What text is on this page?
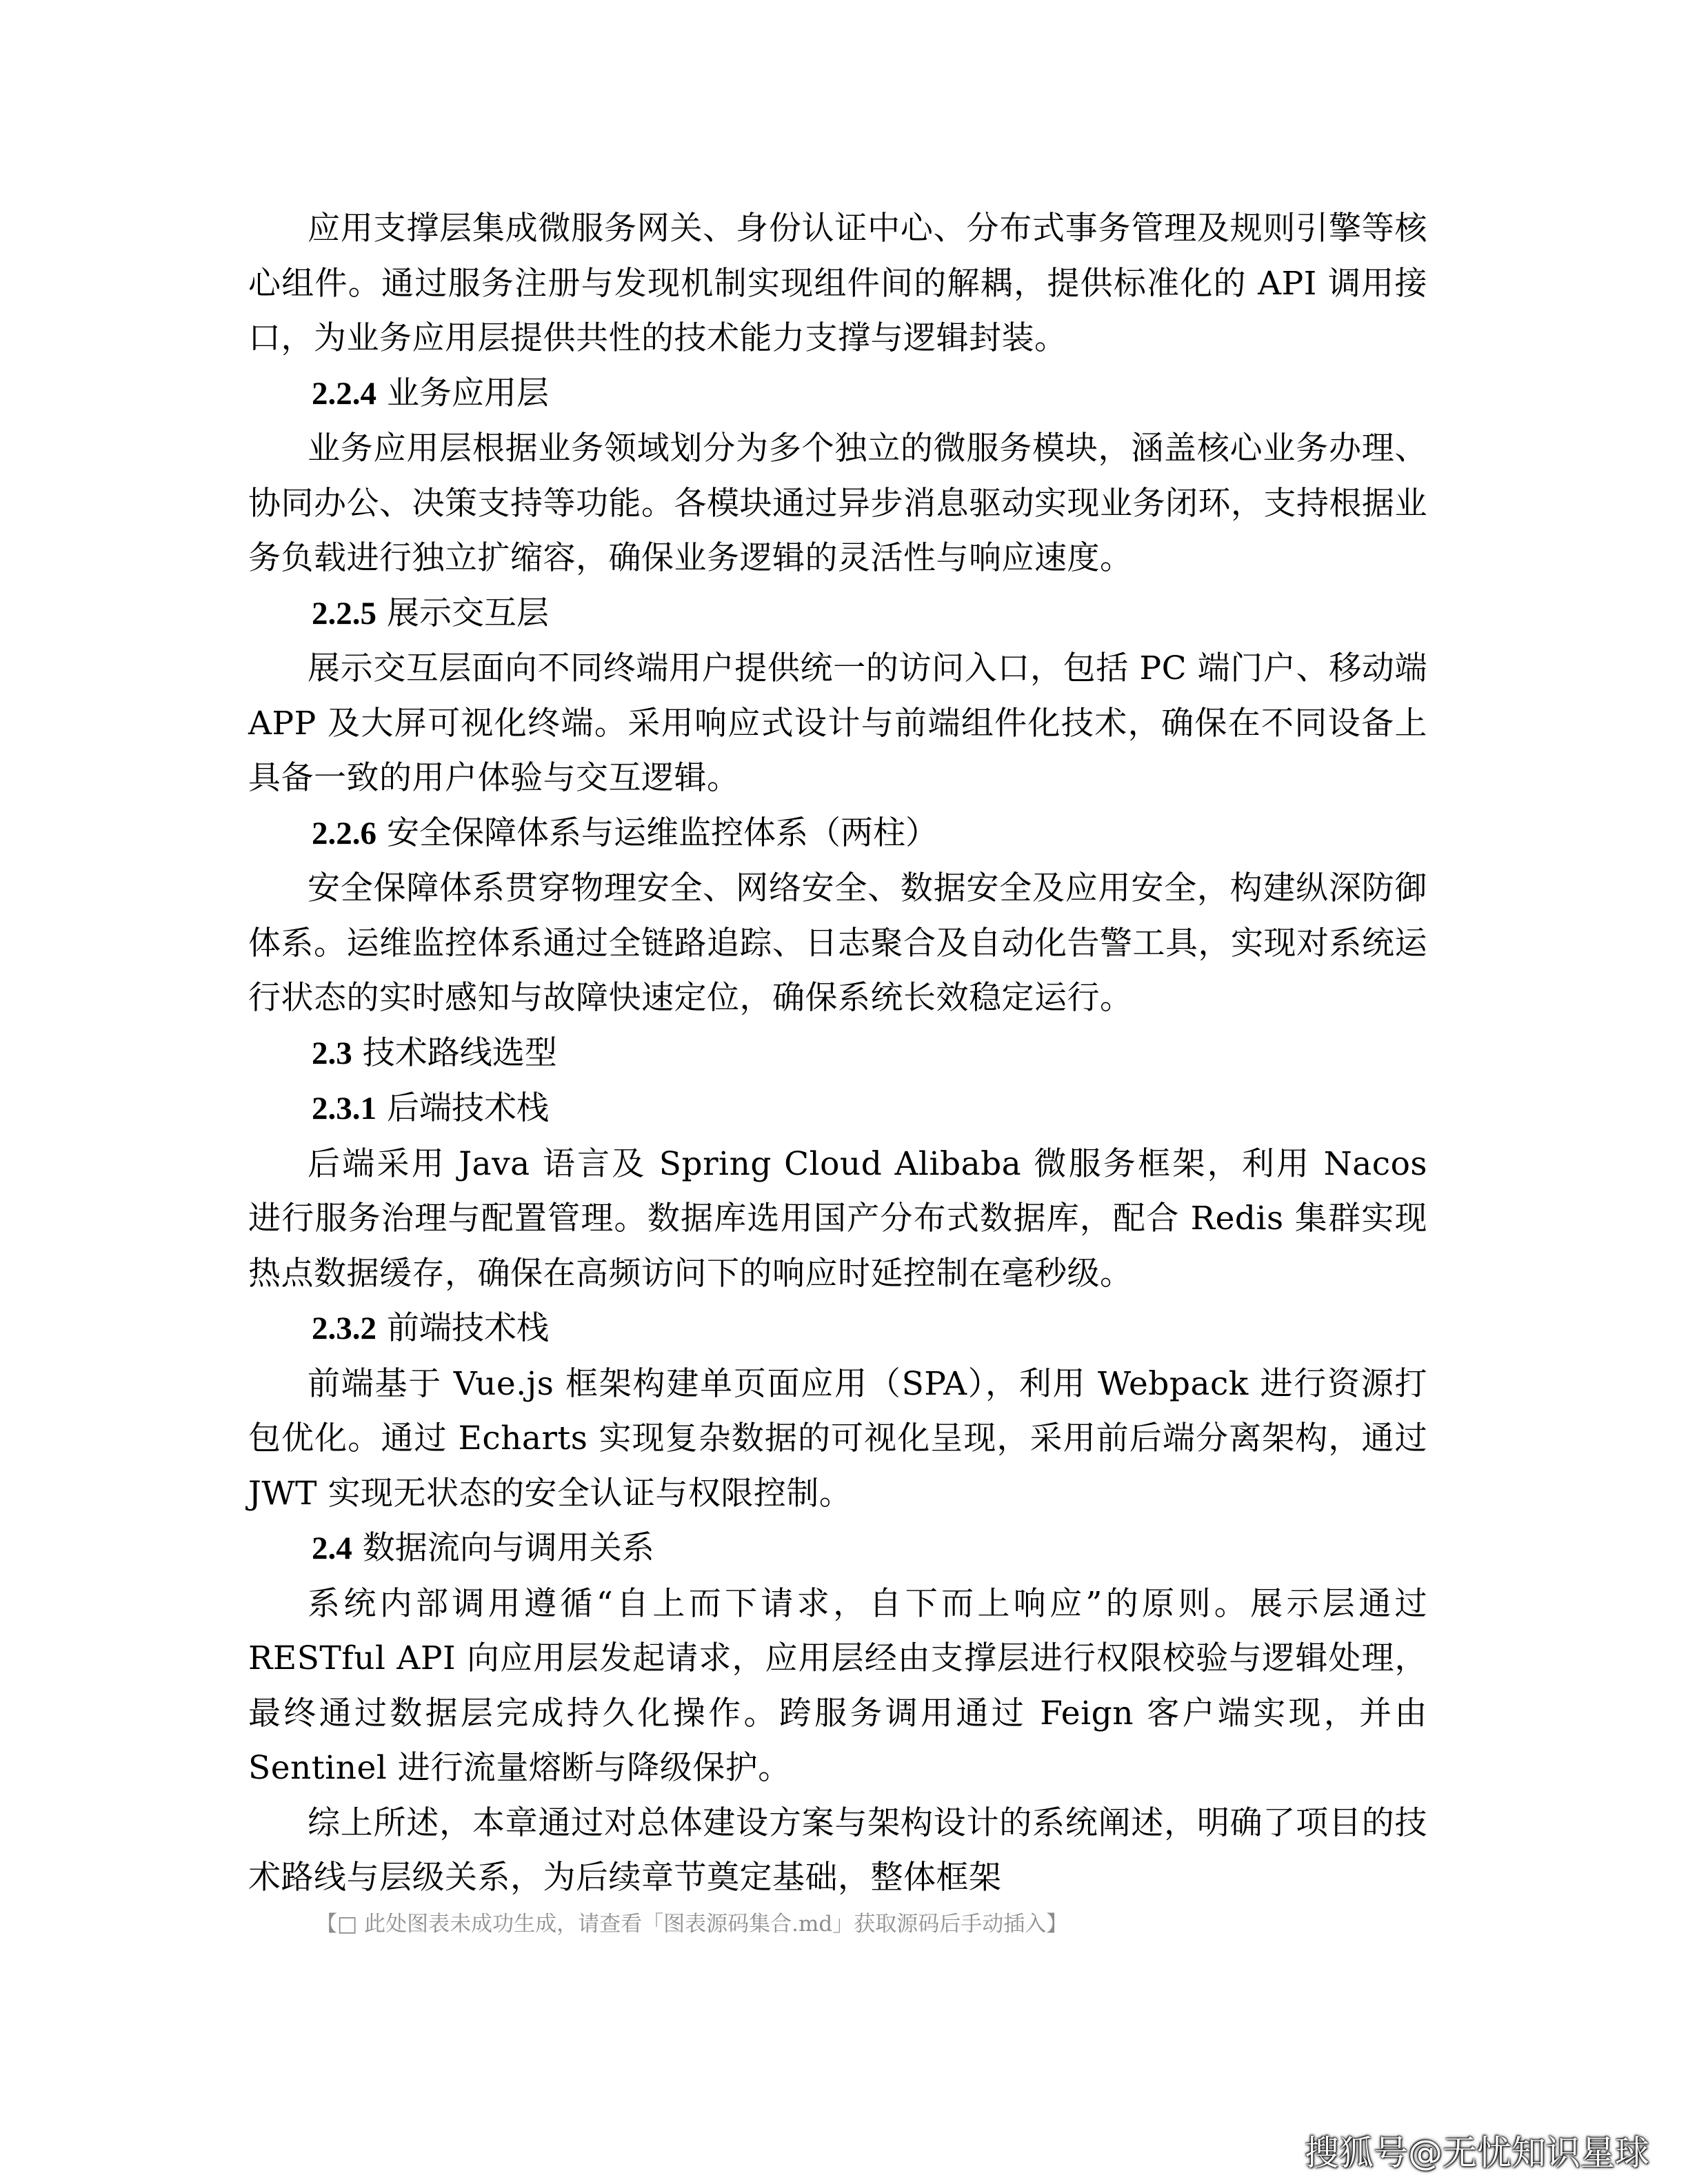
应用支撑层集成微服务网关、身份认证中心、分布式事务管理及规则引擎等核心组件。通过服务注册与发现机制实现组件间的解耦，提供标准化的 API 调用接口，为业务应用层提供共性的技术能力支撑与逻辑封装。

2.2.4 业务应用层

业务应用层根据业务领域划分为多个独立的微服务模块，涵盖核心业务办理、协同办公、决策支持等功能。各模块通过异步消息驱动实现业务闭环，支持根据业务负载进行独立扩缩容，确保业务逻辑的灵活性与响应速度。

2.2.5 展示交互层

展示交互层面向不同终端用户提供统一的访问入口，包括 PC 端门户、移动端 APP 及大屏可视化终端。采用响应式设计与前端组件化技术，确保在不同设备上具备一致的用户体验与交互逻辑。

2.2.6 安全保障体系与运维监控体系（两柱）

安全保障体系贯穿物理安全、网络安全、数据安全及应用安全，构建纵深防御体系。运维监控体系通过全链路追踪、日志聚合及自动化告警工具，实现对系统运行状态的实时感知与故障快速定位，确保系统长效稳定运行。

2.3 技术路线选型

2.3.1 后端技术栈

后端采用 Java 语言及 Spring Cloud Alibaba 微服务框架，利用 Nacos 进行服务治理与配置管理。数据库选用国产分布式数据库，配合 Redis 集群实现热点数据缓存，确保在高频访问下的响应时延控制在毫秒级。

2.3.2 前端技术栈

前端基于 Vue.js 框架构建单页面应用（SPA），利用 Webpack 进行资源打包优化。通过 Echarts 实现复杂数据的可视化呈现，采用前后端分离架构，通过 JWT 实现无状态的安全认证与权限控制。

2.4 数据流向与调用关系

系统内部调用遵循“自上而下请求，自下而上响应”的原则。展示层通过 RESTful API 向应用层发起请求，应用层经由支撑层进行权限校验与逻辑处理，最终通过数据层完成持久化操作。跨服务调用通过 Feign 客户端实现，并由 Sentinel 进行流量熔断与降级保护。

综上所述，本章通过对总体建设方案与架构设计的系统阐述，明确了项目的技术路线与层级关系，为后续章节奠定基础，整体框架

【□ 此处图表未成功生成，请查看「图表源码集合.md」获取源码后手动插入】

搜狐号@无忧知识星球
